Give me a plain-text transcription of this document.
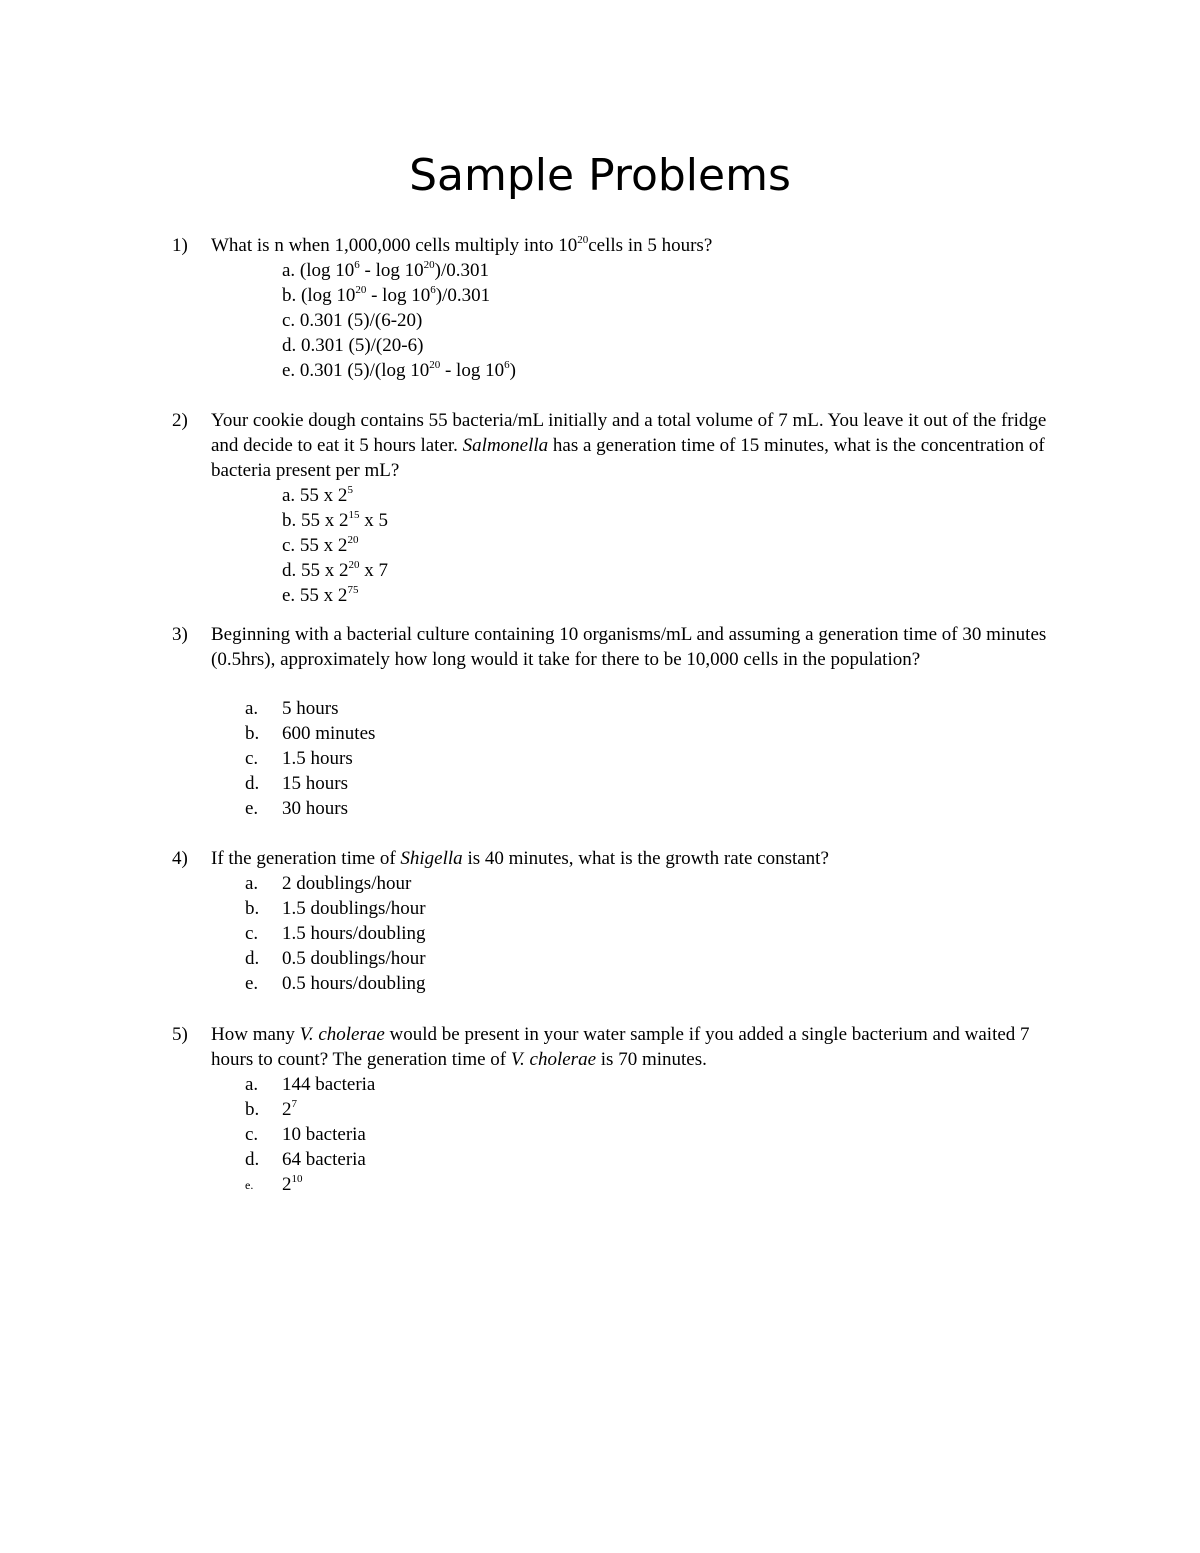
Sample Problems
1) What is n when 1,000,000 cells multiply into $10^{20}cells$ in 5 hours?
a. (log $10^6$ - $\log 10^{20})/0.301$
b. (log $10^{20}$ - $\log 10^6)/0.301$
c. 0.301 (5)/(6-20)
d. 0.301 (5)/(20-6)
e. 0.301 (5)/(log $10^{20}$ - $\log 10^6$)
2) Your cookie dough contains 55 bacteria/mL initially and a total volume of 7 mL. You leave it out of the fridge and decide to eat it 5 hours later. Salmonella has a generation time of 15 minutes, what is the concentration of bacteria present per mL?
a. 55 x $2^5$
b. 55 x $2^{15}$ x 5
c. 55 x $2^{20}$
d. 55 x $2^{20}$ x 7
e. 55 x $2^{75}$
3) Beginning with a bacterial culture containing 10 organisms/mL and assuming a generation time of 30 minutes (0.5hrs), approximately how long would it take for there to be 10,000 cells in the population?
a. 5 hours
b. 600 minutes
c. 1.5 hours
d. 15 hours
e. 30 hours
4) If the generation time of Shigella is 40 minutes, what is the growth rate constant?
a. 2 doublings/hour
b. 1.5 doublings/hour
c. 1.5 hours/doubling
d. 0.5 doublings/hour
e. 0.5 hours/doubling
5) How many V. cholerae would be present in your water sample if you added a single bacterium and waited 7 hours to count? The generation time of V. cholerae is 70 minutes.
a. 144 bacteria
b. $2^7$
c. 10 bacteria
d. 64 bacteria
e. $2^{10}$
